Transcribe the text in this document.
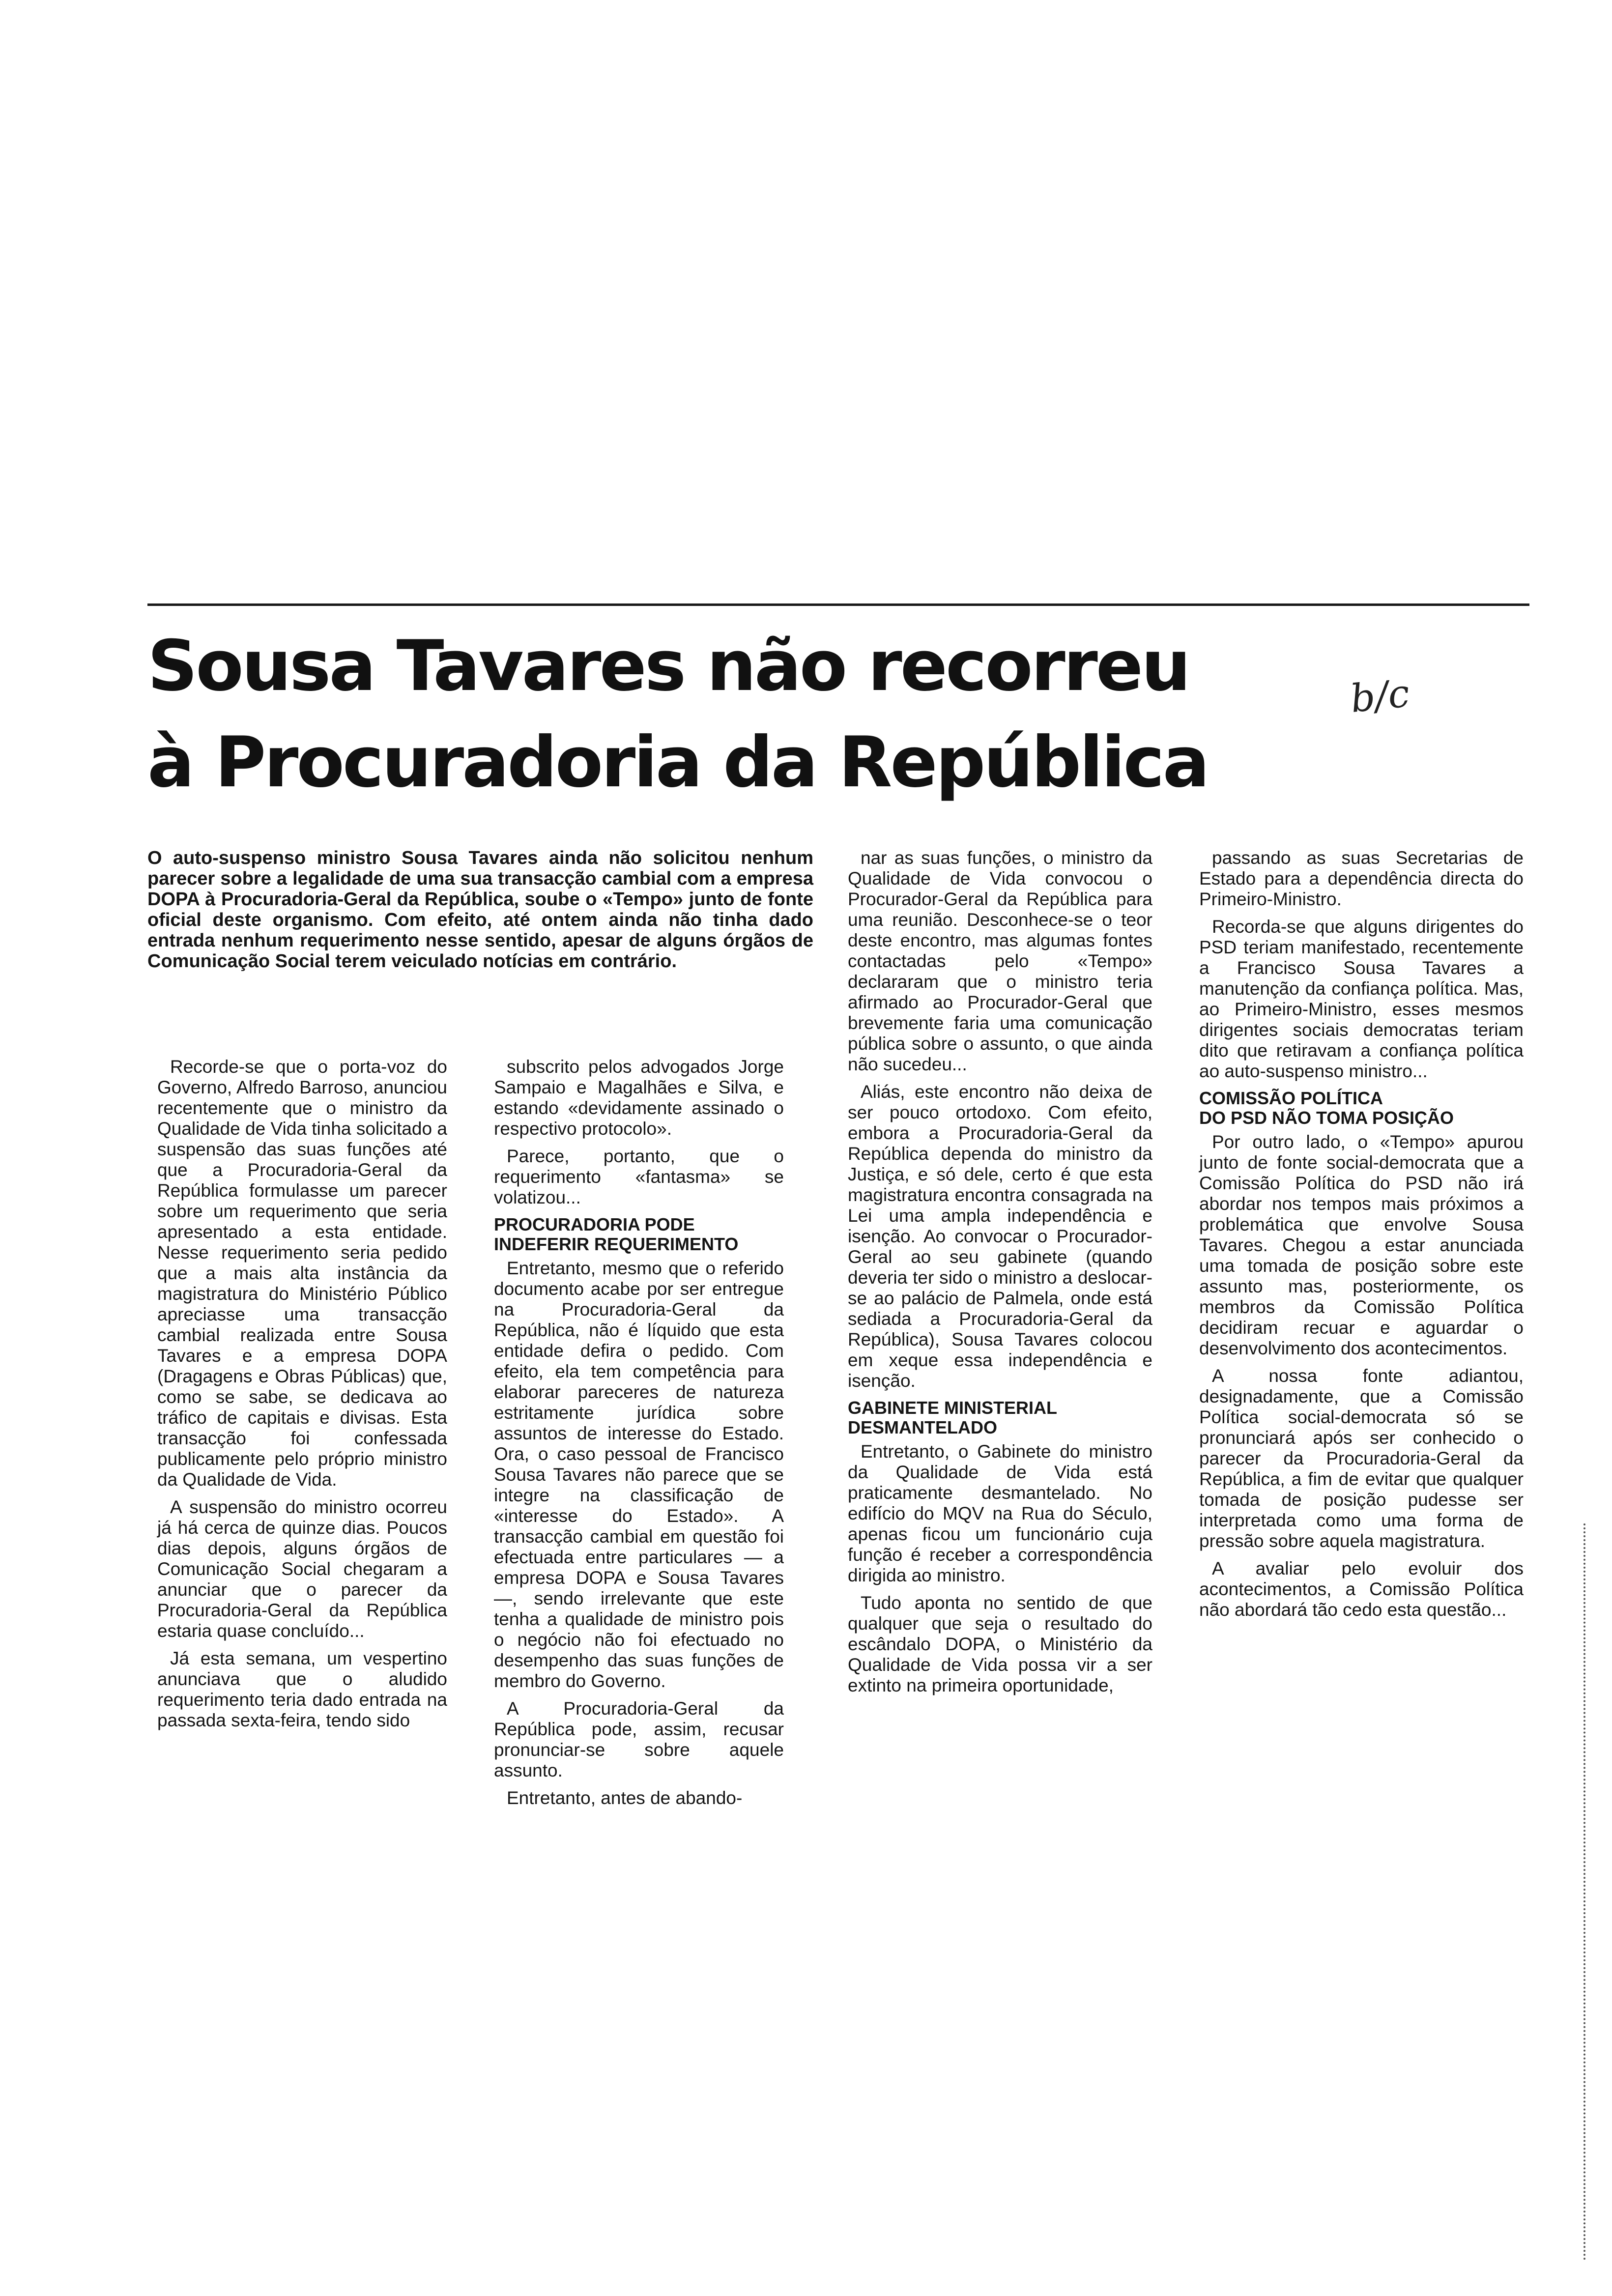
Sousa Tavares não recorreu
à Procuradoria da República

b/c

O auto-suspenso ministro Sousa Tavares ainda não solicitou nenhum parecer sobre a legalidade de uma sua transacção cambial com a empresa DOPA à Procuradoria-Geral da República, soube o «Tempo» junto de fonte oficial deste organismo. Com efeito, até ontem ainda não tinha dado entrada nenhum requerimento nesse sentido, apesar de alguns órgãos de Comunicação Social terem veiculado notícias em contrário.

Recorde-se que o porta-voz do Governo, Alfredo Barroso, anunciou recentemente que o ministro da Qualidade de Vida tinha solicitado a suspensão das suas funções até que a Procuradoria-Geral da República formulasse um parecer sobre um requerimento que seria apresentado a esta entidade. Nesse requerimento seria pedido que a mais alta instância da magistratura do Ministério Público apreciasse uma transacção cambial realizada entre Sousa Tavares e a empresa DOPA (Dragagens e Obras Públicas) que, como se sabe, se dedicava ao tráfico de capitais e divisas. Esta transacção foi confessada publicamente pelo próprio ministro da Qualidade de Vida.

A suspensão do ministro ocorreu já há cerca de quinze dias. Poucos dias depois, alguns órgãos de Comunicação Social chegaram a anunciar que o parecer da Procuradoria-Geral da República estaria quase concluído...

Já esta semana, um vespertino anunciava que o aludido requerimento teria dado entrada na passada sexta-feira, tendo sido

subscrito pelos advogados Jorge Sampaio e Magalhães e Silva, e estando «devidamente assinado o respectivo protocolo».

Parece, portanto, que o requerimento «fantasma» se volatizou...

PROCURADORIA PODE
INDEFERIR REQUERIMENTO

Entretanto, mesmo que o referido documento acabe por ser entregue na Procuradoria-Geral da República, não é líquido que esta entidade defira o pedido. Com efeito, ela tem competência para elaborar pareceres de natureza estritamente jurídica sobre assuntos de interesse do Estado. Ora, o caso pessoal de Francisco Sousa Tavares não parece que se integre na classificação de «interesse do Estado». A transacção cambial em questão foi efectuada entre particulares — a empresa DOPA e Sousa Tavares —, sendo irrelevante que este tenha a qualidade de ministro pois o negócio não foi efectuado no desempenho das suas funções de membro do Governo.

A Procuradoria-Geral da República pode, assim, recusar pronunciar-se sobre aquele assunto.

Entretanto, antes de abando-

nar as suas funções, o ministro da Qualidade de Vida convocou o Procurador-Geral da República para uma reunião. Desconhece-se o teor deste encontro, mas algumas fontes contactadas pelo «Tempo» declararam que o ministro teria afirmado ao Procurador-Geral que brevemente faria uma comunicação pública sobre o assunto, o que ainda não sucedeu...

Aliás, este encontro não deixa de ser pouco ortodoxo. Com efeito, embora a Procuradoria-Geral da República dependa do ministro da Justiça, e só dele, certo é que esta magistratura encontra consagrada na Lei uma ampla independência e isenção. Ao convocar o Procurador-Geral ao seu gabinete (quando deveria ter sido o ministro a deslocar-se ao palácio de Palmela, onde está sediada a Procuradoria-Geral da República), Sousa Tavares colocou em xeque essa independência e isenção.

GABINETE MINISTERIAL
DESMANTELADO

Entretanto, o Gabinete do ministro da Qualidade de Vida está praticamente desmantelado. No edifício do MQV na Rua do Século, apenas ficou um funcionário cuja função é receber a correspondência dirigida ao ministro.

Tudo aponta no sentido de que qualquer que seja o resultado do escândalo DOPA, o Ministério da Qualidade de Vida possa vir a ser extinto na primeira oportunidade,

passando as suas Secretarias de Estado para a dependência directa do Primeiro-Ministro.

Recorda-se que alguns dirigentes do PSD teriam manifestado, recentemente a Francisco Sousa Tavares a manutenção da confiança política. Mas, ao Primeiro-Ministro, esses mesmos dirigentes sociais democratas teriam dito que retiravam a confiança política ao auto-suspenso ministro...

COMISSÃO POLÍTICA
DO PSD NÃO TOMA POSIÇÃO

Por outro lado, o «Tempo» apurou junto de fonte social-democrata que a Comissão Política do PSD não irá abordar nos tempos mais próximos a problemática que envolve Sousa Tavares. Chegou a estar anunciada uma tomada de posição sobre este assunto mas, posteriormente, os membros da Comissão Política decidiram recuar e aguardar o desenvolvimento dos acontecimentos.

A nossa fonte adiantou, designadamente, que a Comissão Política social-democrata só se pronunciará após ser conhecido o parecer da Procuradoria-Geral da República, a fim de evitar que qualquer tomada de posição pudesse ser interpretada como uma forma de pressão sobre aquela magistratura.

A avaliar pelo evoluir dos acontecimentos, a Comissão Política não abordará tão cedo esta questão...
